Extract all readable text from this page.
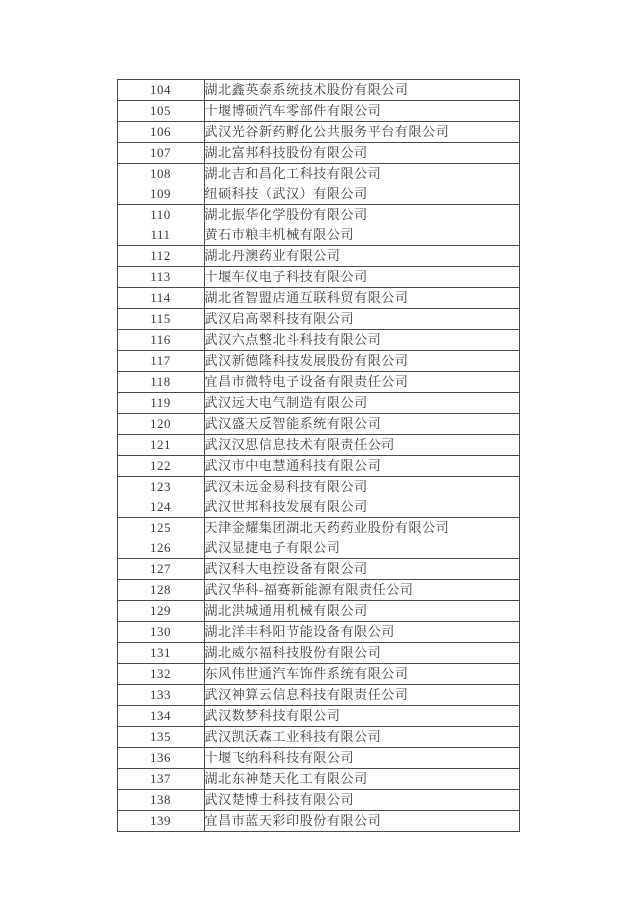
104	湖北鑫英泰系统技术股份有限公司
105	十堰博硕汽车零部件有限公司
106	武汉光谷新药孵化公共服务平台有限公司
107	湖北富邦科技股份有限公司
108	湖北吉和昌化工科技有限公司
109	纽硕科技（武汉）有限公司
110	湖北振华化学股份有限公司
111	黄石市粮丰机械有限公司
112	湖北丹澳药业有限公司
113	十堰车仪电子科技有限公司
114	湖北省智盟店通互联科贸有限公司
115	武汉启高翠科技有限公司
116	武汉六点整北斗科技有限公司
117	武汉新德隆科技发展股份有限公司
118	宜昌市微特电子设备有限责任公司
119	武汉远大电气制造有限公司
120	武汉盛天反智能系统有限公司
121	武汉汉思信息技术有限责任公司
122	武汉市中电慧通科技有限公司
123	武汉未远金易科技有限公司
124	武汉世邦科技发展有限公司
125	天津金耀集团湖北天药药业股份有限公司
126	武汉显捷电子有限公司
127	武汉科大电控设备有限公司
128	武汉华科-福赛新能源有限责任公司
129	湖北洪城通用机械有限公司
130	湖北洋丰科阳节能设备有限公司
131	湖北威尔福科技股份有限公司
132	东风伟世通汽车饰件系统有限公司
133	武汉神算云信息科技有限责任公司
134	武汉数梦科技有限公司
135	武汉凯沃森工业科技有限公司
136	十堰飞纳科科技有限公司
137	湖北东神楚天化工有限公司
138	武汉楚博士科技有限公司
139	宜昌市蓝天彩印股份有限公司
